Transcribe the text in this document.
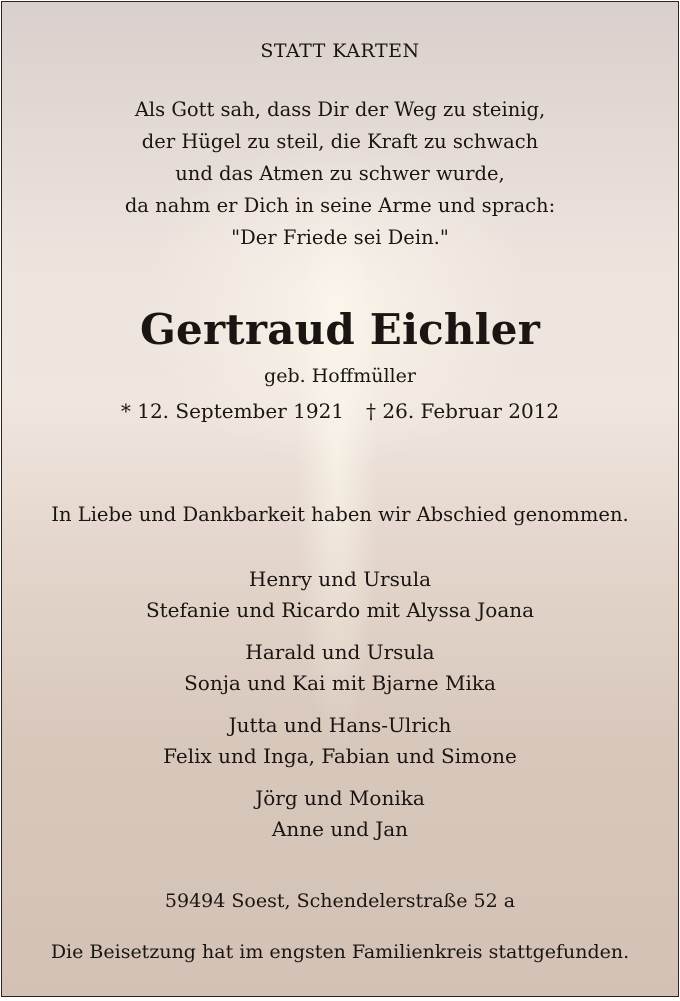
STATT KARTEN

Als Gott sah, dass Dir der Weg zu steinig,
der Hügel zu steil, die Kraft zu schwach
und das Atmen zu schwer wurde,
da nahm er Dich in seine Arme und sprach:
"Der Friede sei Dein."
Gertraud Eichler

geb. Hoffmüller

* 12. September 1921 † 26. Februar 2012

In Liebe und Dankbarkeit haben wir Abschied genommen.

Henry und Ursula
Stefanie und Ricardo mit Alyssa Joana
Harald und Ursula
Sonja und Kai mit Bjarne Mika
Jutta und Hans-Ulrich
Felix und Inga, Fabian und Simone
Jörg und Monika
Anne und Jan

59494 Soest, Schendelerstraße 52 a

Die Beisetzung hat im engsten Familienkreis stattgefunden.
